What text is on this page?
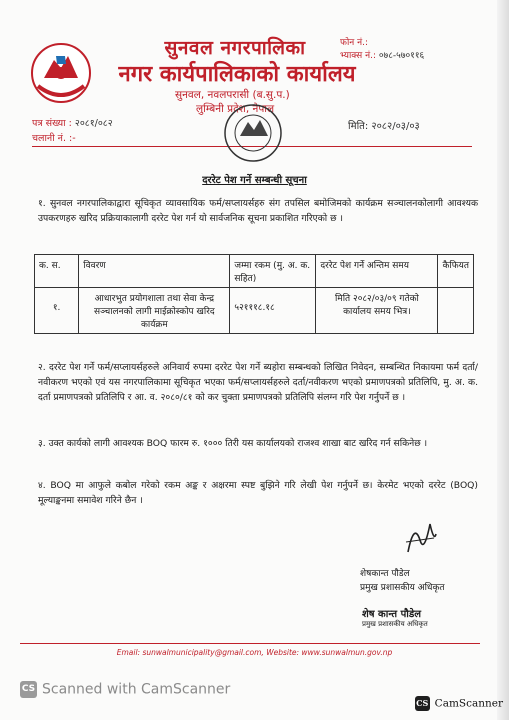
सुनवल नगरपालिका
नगर कार्यपालिकाको कार्यालय
सुनवल, नवलपरासी (ब.सु.प.)
लुम्बिनी प्रदेश, नेपाल
फोन नं.:
भ्याक्स नं.: ०७८-५७०११६
पत्र संख्या : २०८१/०८२
चलानी नं. :-
मिति: २०८२/०३/०३
दररेट पेश गर्ने सम्बन्धी सूचना
१. सुनवल नगरपालिकाद्वारा सूचिकृत व्यावसायिक फर्म/सप्लायर्सहरु संग तपसिल बमोजिमको कार्यक्रम सञ्चालनकोलागी आवश्यक उपकरणहरु खरिद प्रक्रियाकालागी दररेट पेश गर्न यो सार्वजनिक सूचना प्रकाशित गरिएको छ ।
क. स.	विवरण	जम्मा रकम (मु. अ. क. सहित)	दररेट पेश गर्ने अन्तिम समय	कैफियत
१.	आधारभुत प्रयोगशाला तथा सेवा केन्द्र सञ्चालनको लागी माईक्रोस्कोप खरिद कार्यक्रम	५२१११८.१८	मिति २०८२/०३/०९ गतेको कार्यालय समय भित्र।	
२. दररेट पेश गर्ने फर्म/सप्लायर्सहरुले अनिवार्य रुपमा दररेट पेश गर्ने ब्यहोरा सम्बन्धको लिखित निवेदन, सम्बन्धित निकायमा फर्म दर्ता/नवीकरण भएको एवं यस नगरपालिकामा सूचिकृत भएका फर्म/सप्लायर्सहरुले दर्ता/नवीकरण भएको प्रमाणपत्रको प्रतिलिपि, मु. अ. क. दर्ता प्रमाणपत्रको प्रतिलिपि र आ. व. २०८०/८१ को कर चुक्ता प्रमाणपत्रको प्रतिलिपि संलग्न गरि पेश गर्नुपर्ने छ ।
३. उक्त कार्यको लागी आवश्यक BOQ फारम रु. १००० तिरी यस कार्यालयको राजश्व शाखा बाट खरिद गर्न सकिनेछ ।
४. BOQ मा आफुले कबोल गरेको रकम अङ्क र अक्षरमा स्पष्ट बुझिने गरि लेखी पेश गर्नुपर्ने छ। केरमेट भएको दररेट (BOQ) मूल्याङ्कनमा समावेश गरिने छैन ।
शेषकान्त पौडेल
प्रमुख प्रशासकीय अधिकृत
शेष कान्त पौडेल
प्रमुख प्रशासकीय अधिकृत
Email: sunwalmunicipality@gmail.com, Website: www.sunwalmun.gov.np
CS Scanned with CamScanner
CS CamScanner
